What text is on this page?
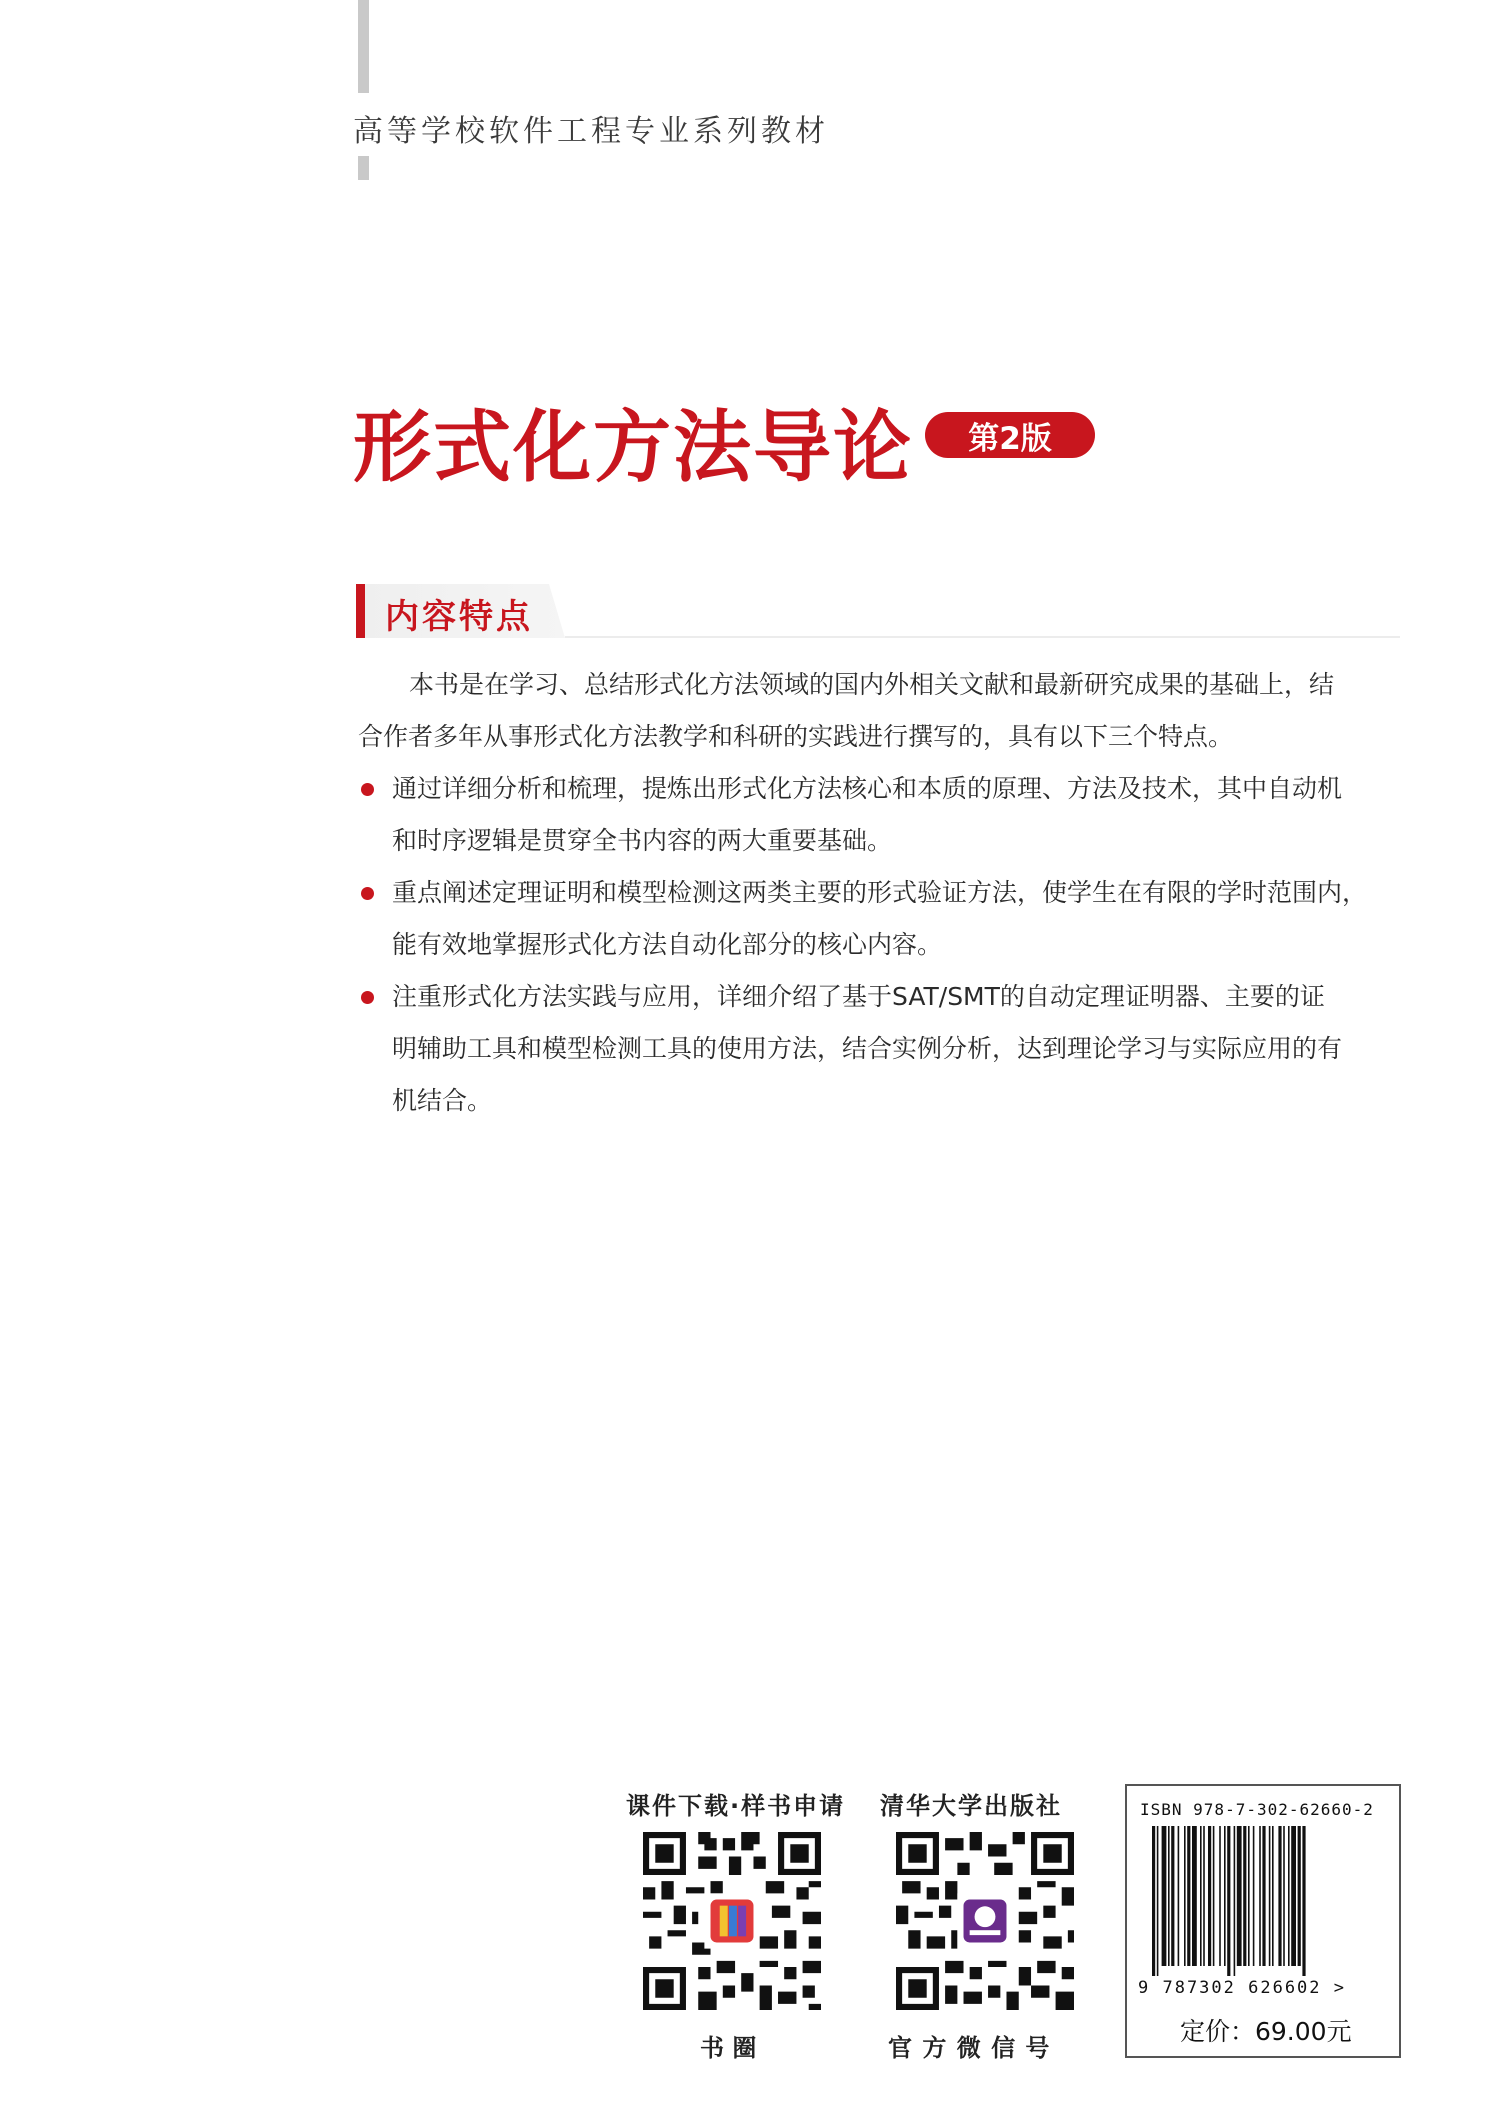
高等学校软件工程专业系列教材
形式化方法导论 第2版
内容特点
本书是在学习、总结形式化方法领域的国内外相关文献和最新研究成果的基础上，结
合作者多年从事形式化方法教学和科研的实践进行撰写的，具有以下三个特点。
通过详细分析和梳理，提炼出形式化方法核心和本质的原理、方法及技术，其中自动机
和时序逻辑是贯穿全书内容的两大重要基础。
重点阐述定理证明和模型检测这两类主要的形式验证方法，使学生在有限的学时范围内，
能有效地掌握形式化方法自动化部分的核心内容。
注重形式化方法实践与应用，详细介绍了基于SAT/SMT的自动定理证明器、主要的证
明辅助工具和模型检测工具的使用方法，结合实例分析，达到理论学习与实际应用的有
机结合。
课件下载·样书申请
书 圈
清华大学出版社
官 方 微 信 号
ISBN 978-7-302-62660-2
9 787302 626602 >
定价：69.00元
